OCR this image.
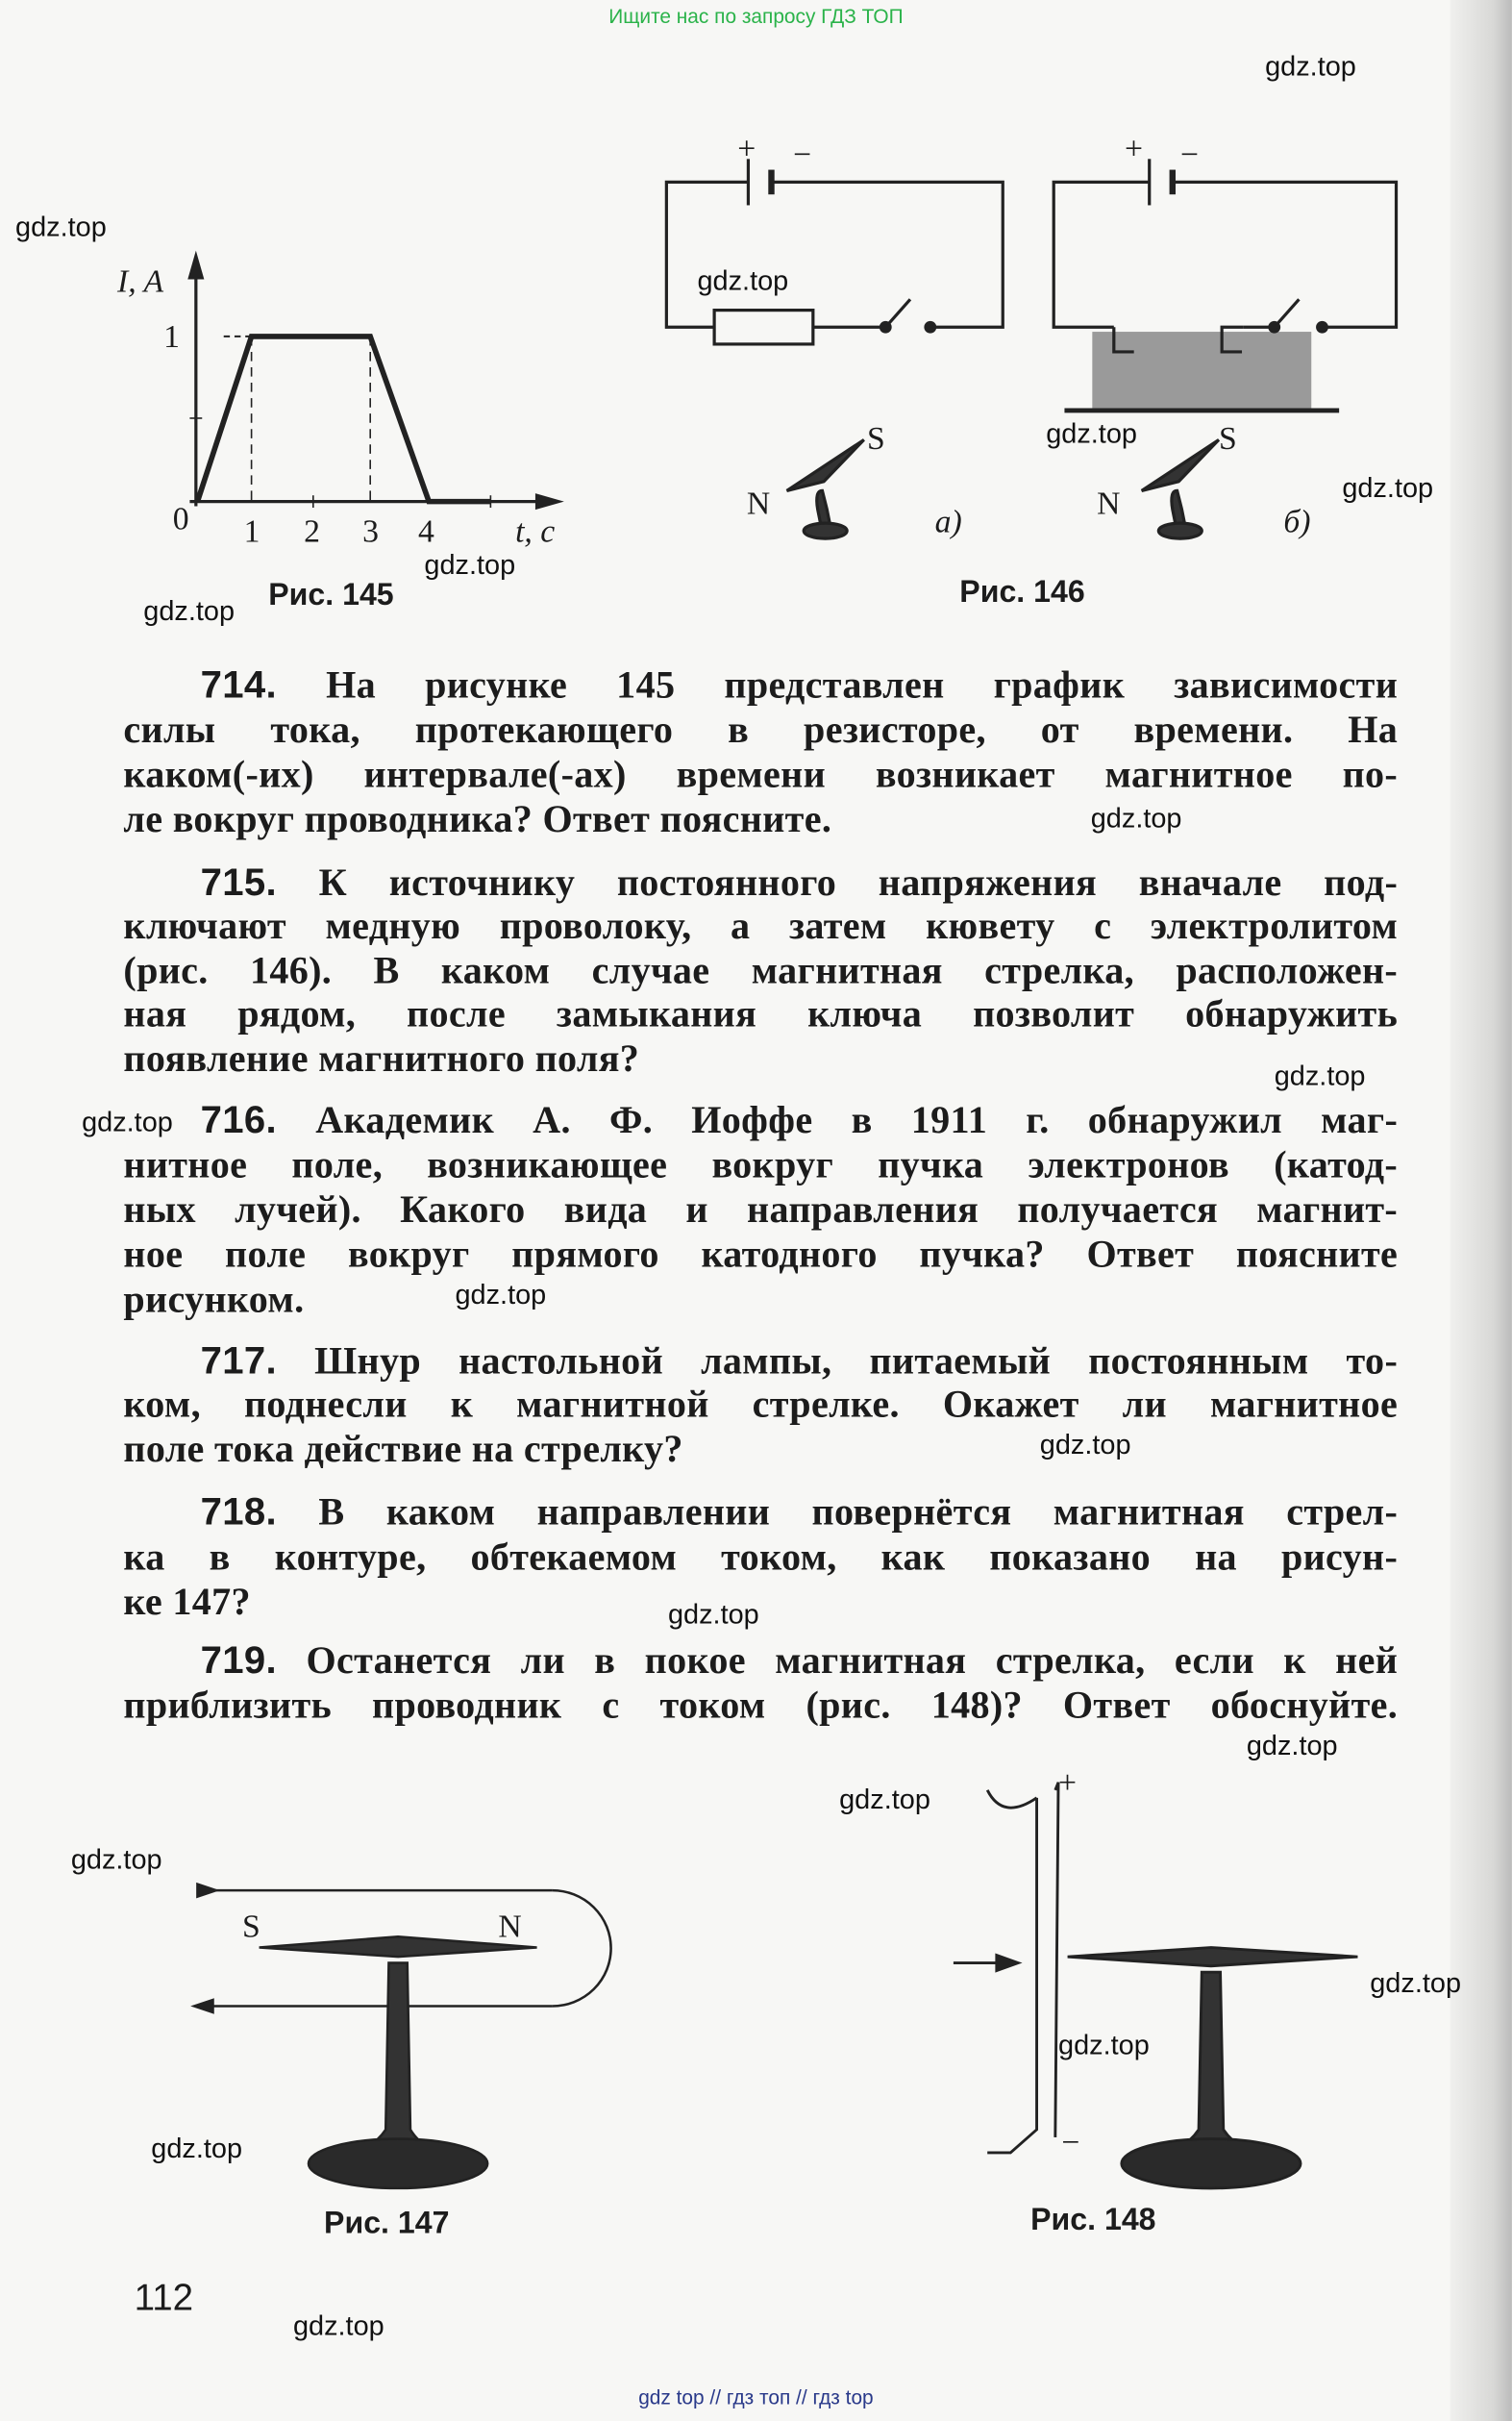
Ищите нас по запросу ГДЗ ТОП
I, A
1
0	1 2 3 4	t, c
Рис. 145
+ −	+ −
S
N
S
N
а)	б)
Рис. 146
714. На рисунке 145 представлен график зависимости
силы тока, протекающего в резисторе, от времени. На
каком(-их) интервале(-ах) времени возникает магнитное по-
ле вокруг проводника? Ответ поясните.
715. К источнику постоянного напряжения вначале под-
ключают медную проволоку, а затем кювету с электролитом
(рис. 146). В каком случае магнитная стрелка, расположен-
ная рядом, после замыкания ключа позволит обнаружить
появление магнитного поля?
716. Академик А. Ф. Иоффе в 1911 г. обнаружил маг-
нитное поле, возникающее вокруг пучка электронов (катод-
ных лучей). Какого вида и направления получается магнит-
ное поле вокруг прямого катодного пучка? Ответ поясните
рисунком.
717. Шнур настольной лампы, питаемый постоянным то-
ком, поднесли к магнитной стрелке. Окажет ли магнитное
поле тока действие на стрелку?
718. В каком направлении повернётся магнитная стрел-
ка в контуре, обтекаемом током, как показано на рисун-
ке 147?
719. Останется ли в покое магнитная стрелка, если к ней
приблизить проводник с током (рис. 148)? Ответ обоснуйте.
S	N
Рис. 147
+
−
Рис. 148
112
gdz.top
gdz.top
gdz.top
gdz.top
gdz.top
gdz.top
gdz.top
gdz.top
gdz.top
gdz.top
gdz.top
gdz.top
gdz.top
gdz.top
gdz.top
gdz.top
gdz.top
gdz.top
gdz.top
gdz.top
gdz top // гдз топ // гдз top
